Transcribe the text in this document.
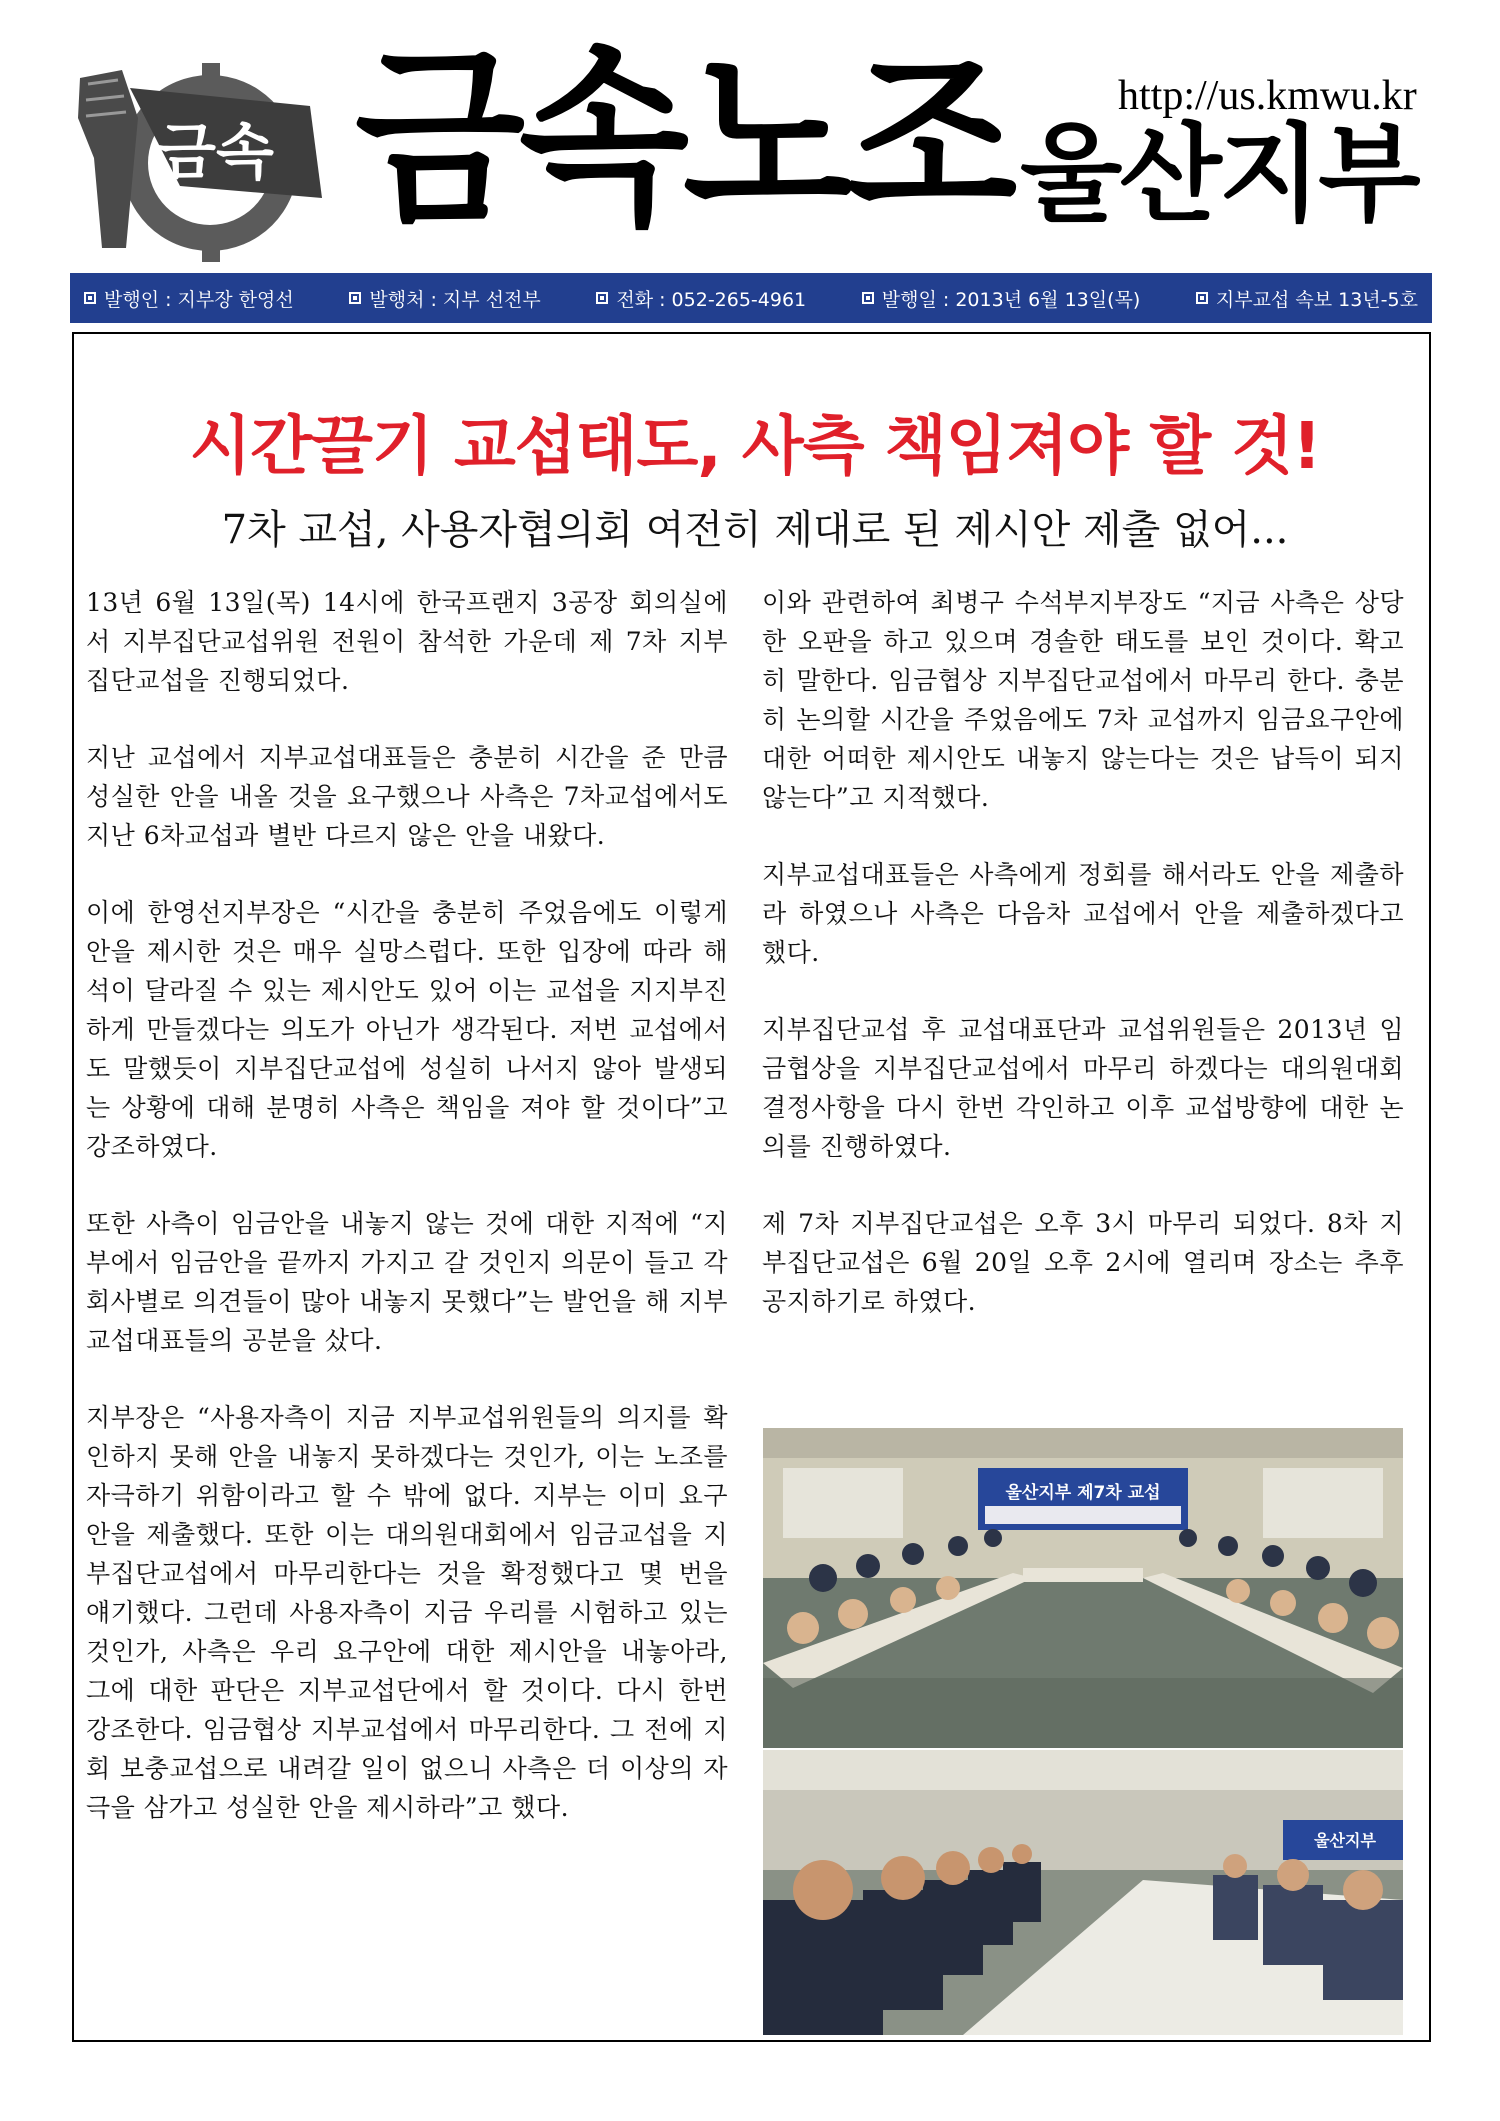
금속 금속노조 울산지부
http://us.kmwu.kr
발행인 : 지부장 한영선	발행처 : 지부 선전부	전화 : 052-265-4961	발행일 : 2013년 6월 13일(목)	지부교섭 속보 13년-5호
시간끌기 교섭태도, 사측 책임져야 할 것!
7차 교섭, 사용자협의회 여전히 제대로 된 제시안 제출 없어...

13년 6월 13일(목) 14시에 한국프랜지 3공장 회의실에서 지부집단교섭위원 전원이 참석한 가운데 제 7차 지부집단교섭을 진행되었다.

지난 교섭에서 지부교섭대표들은 충분히 시간을 준 만큼 성실한 안을 내올 것을 요구했으나 사측은 7차교섭에서도 지난 6차교섭과 별반 다르지 않은 안을 내왔다.

이에 한영선지부장은 “시간을 충분히 주었음에도 이렇게 안을 제시한 것은 매우 실망스럽다. 또한 입장에 따라 해석이 달라질 수 있는 제시안도 있어 이는 교섭을 지지부진하게 만들겠다는 의도가 아닌가 생각된다. 저번 교섭에서도 말했듯이 지부집단교섭에 성실히 나서지 않아 발생되는 상황에 대해 분명히 사측은 책임을 져야 할 것이다”고 강조하였다.

또한 사측이 임금안을 내놓지 않는 것에 대한 지적에 “지부에서 임금안을 끝까지 가지고 갈 것인지 의문이 들고 각 회사별로 의견들이 많아 내놓지 못했다”는 발언을 해 지부교섭대표들의 공분을 샀다.

지부장은 “사용자측이 지금 지부교섭위원들의 의지를 확인하지 못해 안을 내놓지 못하겠다는 것인가, 이는 노조를 자극하기 위함이라고 할 수 밖에 없다. 지부는 이미 요구안을 제출했다. 또한 이는 대의원대회에서 임금교섭을 지부집단교섭에서 마무리한다는 것을 확정했다고 몇 번을 얘기했다. 그런데 사용자측이 지금 우리를 시험하고 있는 것인가, 사측은 우리 요구안에 대한 제시안을 내놓아라, 그에 대한 판단은 지부교섭단에서 할 것이다. 다시 한번 강조한다. 임금협상 지부교섭에서 마무리한다. 그 전에 지회 보충교섭으로 내려갈 일이 없으니 사측은 더 이상의 자극을 삼가고 성실한 안을 제시하라”고 했다.

이와 관련하여 최병구 수석부지부장도 “지금 사측은 상당한 오판을 하고 있으며 경솔한 태도를 보인 것이다. 확고히 말한다. 임금협상 지부집단교섭에서 마무리 한다. 충분히 논의할 시간을 주었음에도 7차 교섭까지 임금요구안에 대한 어떠한 제시안도 내놓지 않는다는 것은 납득이 되지 않는다”고 지적했다.

지부교섭대표들은 사측에게 정회를 해서라도 안을 제출하라 하였으나 사측은 다음차 교섭에서 안을 제출하겠다고 했다.

지부집단교섭 후 교섭대표단과 교섭위원들은 2013년 임금협상을 지부집단교섭에서 마무리 하겠다는 대의원대회 결정사항을 다시 한번 각인하고 이후 교섭방향에 대한 논의를 진행하였다.

제 7차 지부집단교섭은 오후 3시 마무리 되었다. 8차 지부집단교섭은 6월 20일 오후 2시에 열리며 장소는 추후 공지하기로 하였다.

울산지부 제7차 교섭
울산지부
